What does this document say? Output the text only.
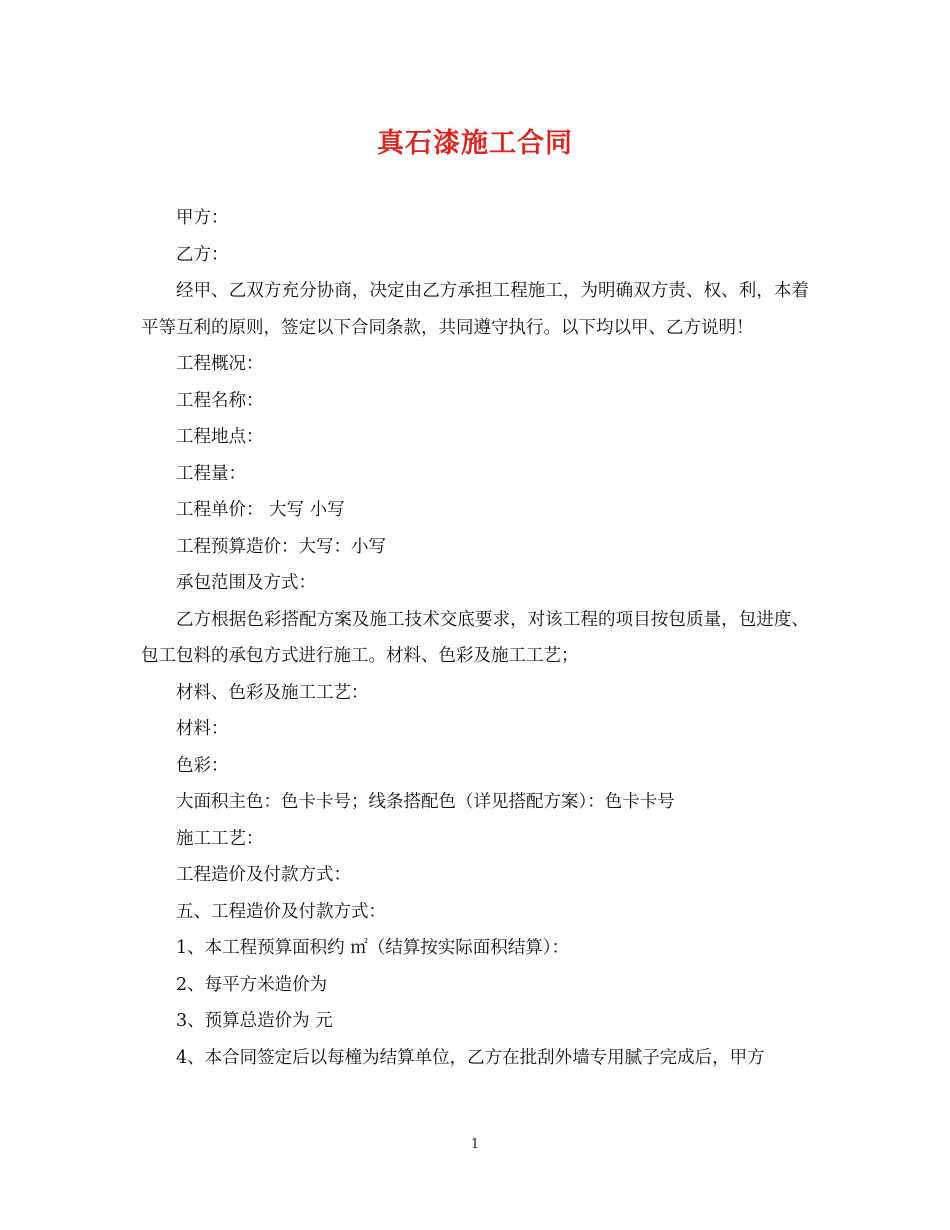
真石漆施工合同

甲方：

乙方：

经甲、乙双方充分协商，决定由乙方承担工程施工，为明确双方责、权、利，本着平等互利的原则，签定以下合同条款，共同遵守执行。以下均以甲、乙方说明！

工程概况：

工程名称：

工程地点：

工程量：

工程单价： 大写 小写

工程预算造价：大写：小写

承包范围及方式：

乙方根据色彩搭配方案及施工技术交底要求，对该工程的项目按包质量，包进度、包工包料的承包方式进行施工。材料、色彩及施工工艺；

材料、色彩及施工工艺：

材料：

色彩：

大面积主色：色卡卡号；线条搭配色（详见搭配方案）：色卡卡号

施工工艺：

工程造价及付款方式：

五、工程造价及付款方式：

1、本工程预算面积约 ㎡（结算按实际面积结算）：

2、每平方米造价为

3、预算总造价为 元

4、本合同签定后以每橦为结算单位，乙方在批刮外墙专用腻子完成后，甲方

1
